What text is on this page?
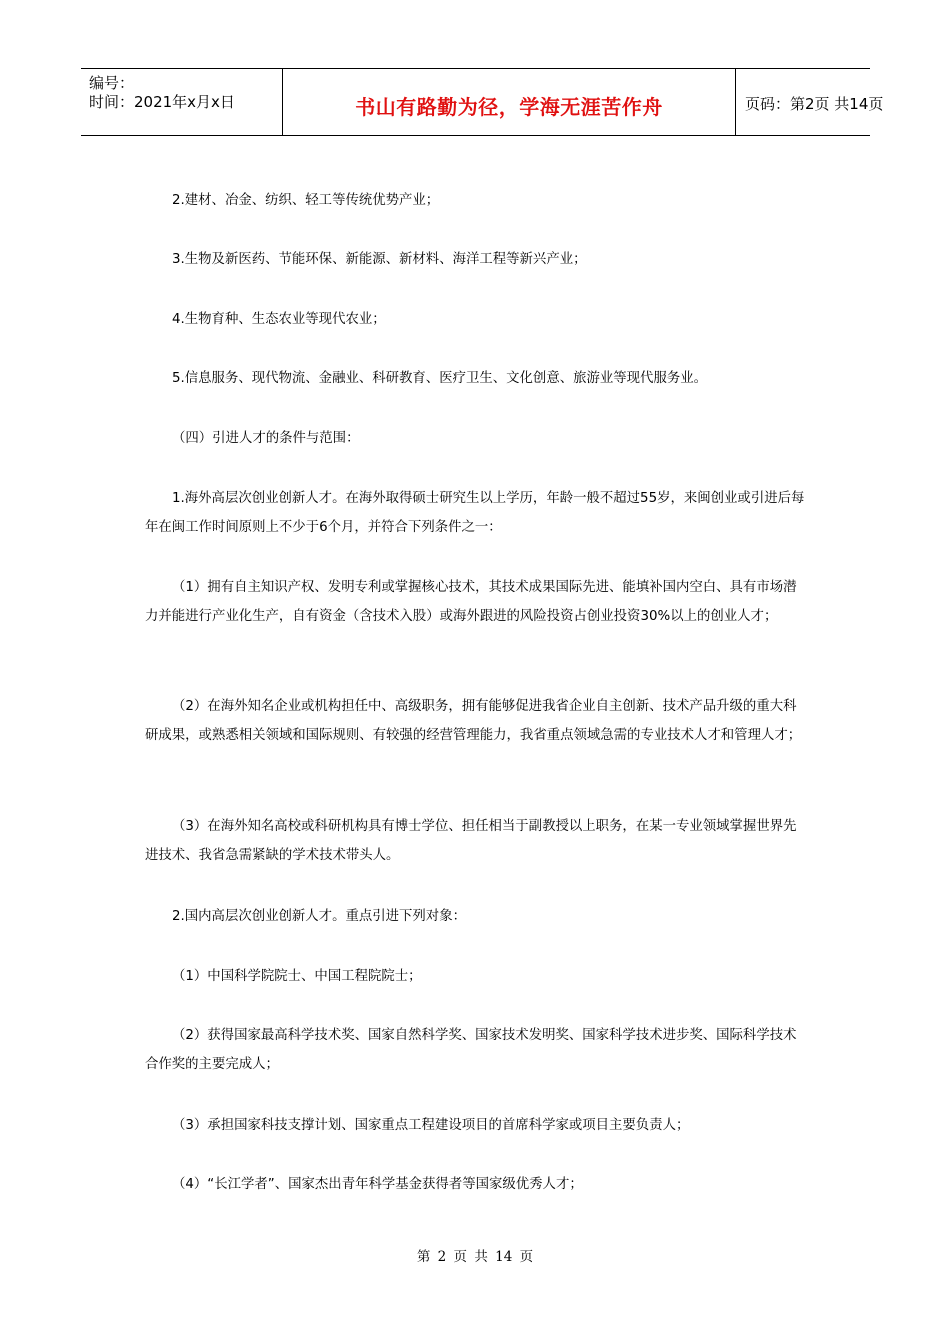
编号：
时间：2021年x月x日	书山有路勤为径，学海无涯苦作舟	页码：第2页 共14页

2.建材、冶金、纺织、轻工等传统优势产业；

3.生物及新医药、节能环保、新能源、新材料、海洋工程等新兴产业；

4.生物育种、生态农业等现代农业；

5.信息服务、现代物流、金融业、科研教育、医疗卫生、文化创意、旅游业等现代服务业。

（四）引进人才的条件与范围：

1.海外高层次创业创新人才。在海外取得硕士研究生以上学历，年龄一般不超过55岁，来闽创业或引进后每年在闽工作时间原则上不少于6个月，并符合下列条件之一：

（1）拥有自主知识产权、发明专利或掌握核心技术，其技术成果国际先进、能填补国内空白、具有市场潜力并能进行产业化生产，自有资金（含技术入股）或海外跟进的风险投资占创业投资30%以上的创业人才；

（2）在海外知名企业或机构担任中、高级职务，拥有能够促进我省企业自主创新、技术产品升级的重大科研成果，或熟悉相关领域和国际规则、有较强的经营管理能力，我省重点领域急需的专业技术人才和管理人才；

（3）在海外知名高校或科研机构具有博士学位、担任相当于副教授以上职务，在某一专业领域掌握世界先进技术、我省急需紧缺的学术技术带头人。

2.国内高层次创业创新人才。重点引进下列对象：

（1）中国科学院院士、中国工程院院士；

（2）获得国家最高科学技术奖、国家自然科学奖、国家技术发明奖、国家科学技术进步奖、国际科学技术合作奖的主要完成人；

（3）承担国家科技支撑计划、国家重点工程建设项目的首席科学家或项目主要负责人；

（4）“长江学者”、国家杰出青年科学基金获得者等国家级优秀人才；

第 2 页 共 14 页
